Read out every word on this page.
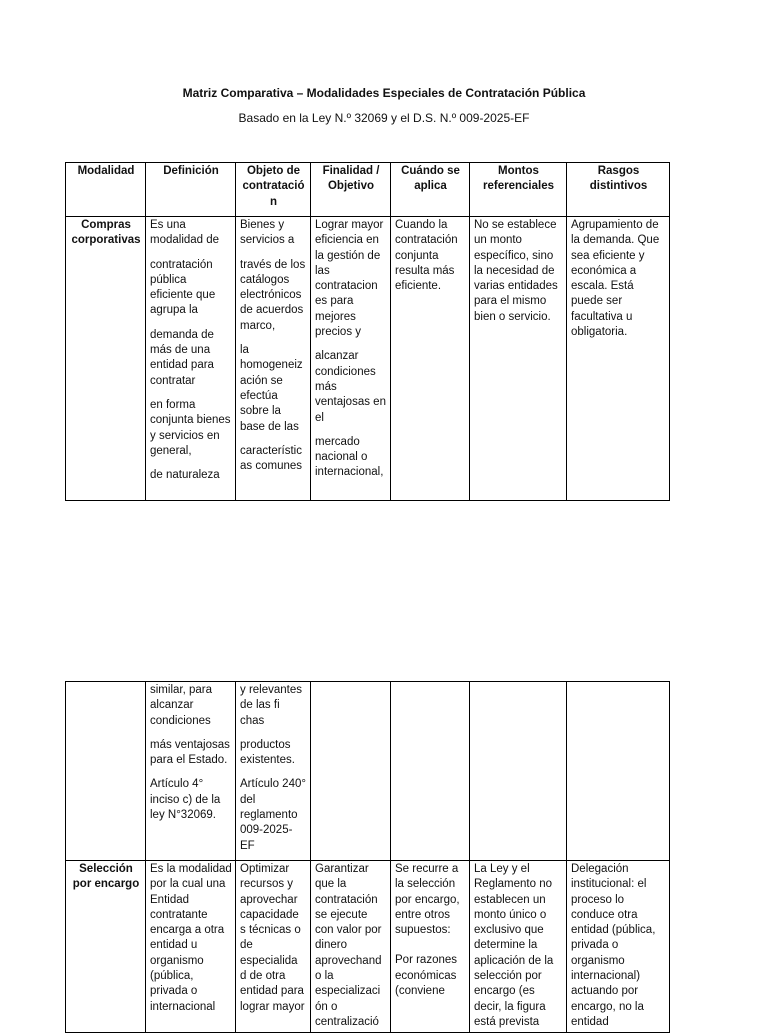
Matriz Comparativa – Modalidades Especiales de Contratación Pública
Basado en la Ley N.º 32069 y el D.S. N.º 009-2025-EF
Modalidad	Definición	Objeto de contratació n	Finalidad / Objetivo	Cuándo se aplica	Montos referenciales	Rasgos distintivos
Compras corporativas	Es una modalidad de
contratación pública eficiente que agrupa la
demanda de más de una entidad para contratar
en forma conjunta bienes y servicios en general,
de naturaleza	Bienes y servicios a
través de los catálogos electrónicos de acuerdos marco,
la homogeneiz ación se efectúa sobre la base de las
característic as comunes	Lograr mayor eficiencia en la gestión de las contratacion es para mejores precios y
alcanzar condiciones más ventajosas en el
mercado nacional o internacional,	Cuando la contratación conjunta resulta más eficiente.	No se establece un monto específico, sino la necesidad de varias entidades para el mismo bien o servicio.	Agrupamiento de la demanda. Que sea eficiente y económica a escala. Está puede ser facultativa u obligatoria.

	similar, para alcanzar condiciones
más ventajosas para el Estado.
Artículo 4° inciso c) de la ley N°32069.	y relevantes de las fi chas
productos existentes.
Artículo 240° del reglamento 009-2025-EF				

Selección por encargo	Es la modalidad por la cual una Entidad contratante encarga a otra entidad u organismo (pública, privada o internacional	Optimizar recursos y aprovechar capacidade s técnicas o de especialida d de otra entidad para lograr mayor	Garantizar que la contratación se ejecute con valor por dinero aprovechand o la especializaci ón o centralizació	Se recurre a la selección por encargo, entre otros supuestos:
Por razones económicas (conviene	La Ley y el Reglamento no establecen un monto único o exclusivo que determine la aplicación de la selección por encargo (es decir, la figura está prevista	Delegación institucional: el proceso lo conduce otra entidad (pública, privada o organismo internacional) actuando por encargo, no la entidad
